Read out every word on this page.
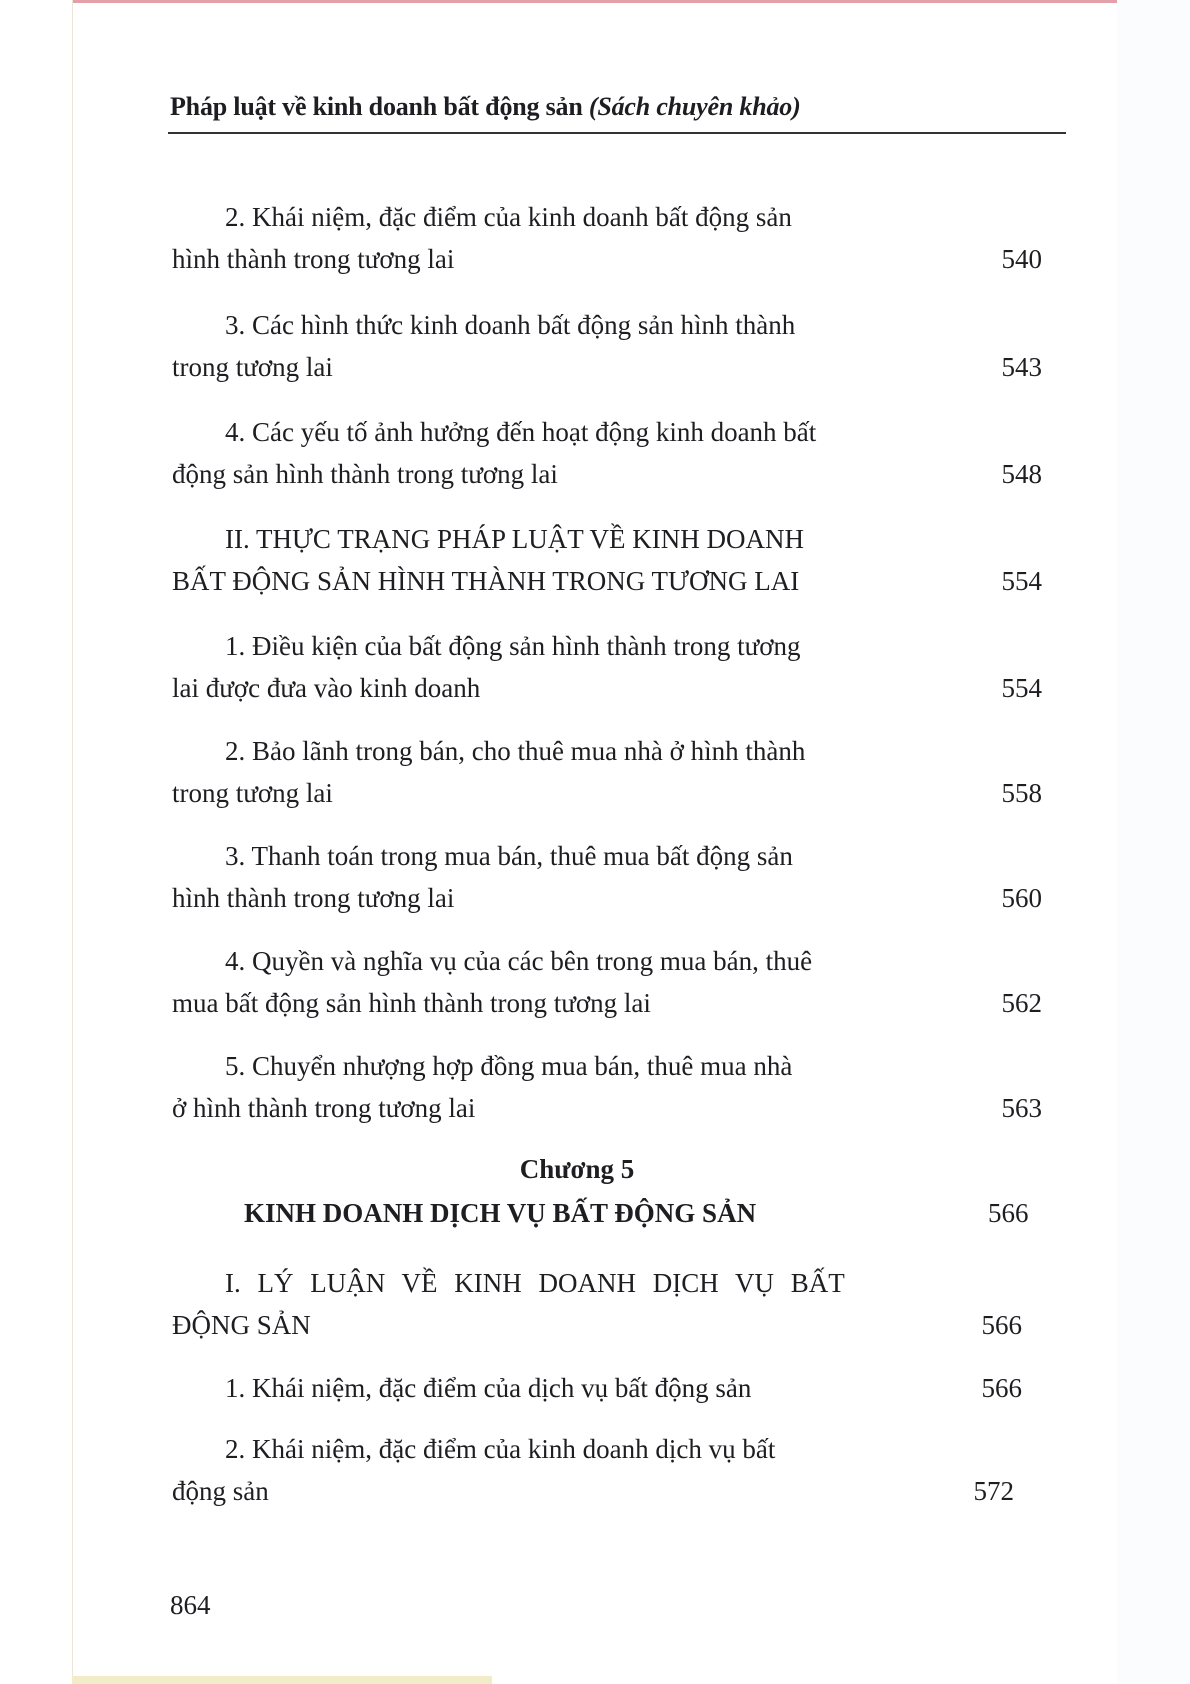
Pháp luật về kinh doanh bất động sản (Sách chuyên khảo)
2. Khái niệm, đặc điểm của kinh doanh bất động sản
hình thành trong tương lai	540
3. Các hình thức kinh doanh bất động sản hình thành
trong tương lai	543
4. Các yếu tố ảnh hưởng đến hoạt động kinh doanh bất
động sản hình thành trong tương lai	548
II. THỰC TRẠNG PHÁP LUẬT VỀ KINH DOANH
BẤT ĐỘNG SẢN HÌNH THÀNH TRONG TƯƠNG LAI	554
1. Điều kiện của bất động sản hình thành trong tương
lai được đưa vào kinh doanh	554
2. Bảo lãnh trong bán, cho thuê mua nhà ở hình thành
trong tương lai	558
3. Thanh toán trong mua bán, thuê mua bất động sản
hình thành trong tương lai	560
4. Quyền và nghĩa vụ của các bên trong mua bán, thuê
mua bất động sản hình thành trong tương lai	562
5. Chuyển nhượng hợp đồng mua bán, thuê mua nhà
ở hình thành trong tương lai	563
Chương 5
KINH DOANH DỊCH VỤ BẤT ĐỘNG SẢN	566
I. LÝ LUẬN VỀ KINH DOANH DỊCH VỤ BẤT
ĐỘNG SẢN	566
1. Khái niệm, đặc điểm của dịch vụ bất động sản	566
2. Khái niệm, đặc điểm của kinh doanh dịch vụ bất
động sản	572
864
